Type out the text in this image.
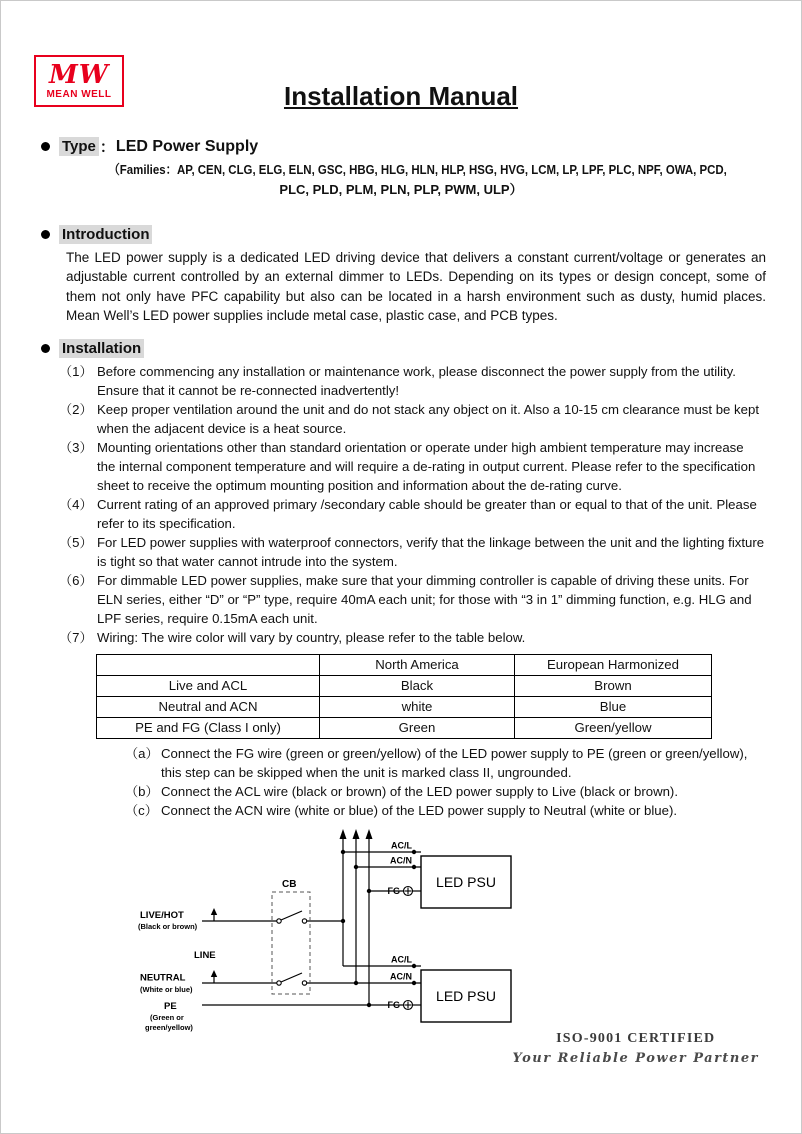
MW
MEAN WELL	Installation Manual
Type ： LED Power Supply
（Families：AP, CEN, CLG, ELG, ELN, GSC, HBG, HLG, HLN, HLP, HSG, HVG, LCM, LP, LPF, PLC, NPF, OWA, PCD,
PLC, PLD, PLM, PLN, PLP, PWM, ULP）
Introduction
The LED power supply is a dedicated LED driving device that delivers a constant current/voltage or generates an adjustable current controlled by an external dimmer to LEDs. Depending on its types or design concept, some of them not only have PFC capability but also can be located in a harsh environment such as dusty, humid places. Mean Well’s LED power supplies include metal case, plastic case, and PCB types.
Installation
（1） Before commencing any installation or maintenance work, please disconnect the power supply from the utility. Ensure that it cannot be re-connected inadvertently!
（2） Keep proper ventilation around the unit and do not stack any object on it. Also a 10-15 cm clearance must be kept when the adjacent device is a heat source.
（3） Mounting orientations other than standard orientation or operate under high ambient temperature may increase the internal component temperature and will require a de-rating in output current. Please refer to the specification sheet to receive the optimum mounting position and information about the de-rating curve.
（4） Current rating of an approved primary /secondary cable should be greater than or equal to that of the unit. Please refer to its specification.
（5） For LED power supplies with waterproof connectors, verify that the linkage between the unit and the lighting fixture is tight so that water cannot intrude into the system.
（6） For dimmable LED power supplies, make sure that your dimming controller is capable of driving these units. For ELN series, either “D” or “P” type, require 40mA each unit; for those with “3 in 1” dimming function, e.g. HLG and LPF series, require 0.15mA each unit.
（7） Wiring: The wire color will vary by country, please refer to the table below.
	North America	European Harmonized
Live and ACL	Black	Brown
Neutral and ACN	white	Blue
PE and FG (Class I only)	Green	Green/yellow
（a） Connect the FG wire (green or green/yellow) of the LED power supply to PE (green or green/yellow), this step can be skipped when the unit is marked class II, ungrounded.
（b） Connect the ACL wire (black or brown) of the LED power supply to Live (black or brown).
（c） Connect the ACN wire (white or blue) of the LED power supply to Neutral (white or blue).
LED PSU
LED PSU
CB
AC/L
AC/N
FG
AC/L
AC/N
FG
LIVE/HOT
(Black or brown)
LINE
NEUTRAL
(White or blue)
PE
(Green or
green/yellow)
ISO-9001 CERTIFIED
Your Reliable Power Partner
